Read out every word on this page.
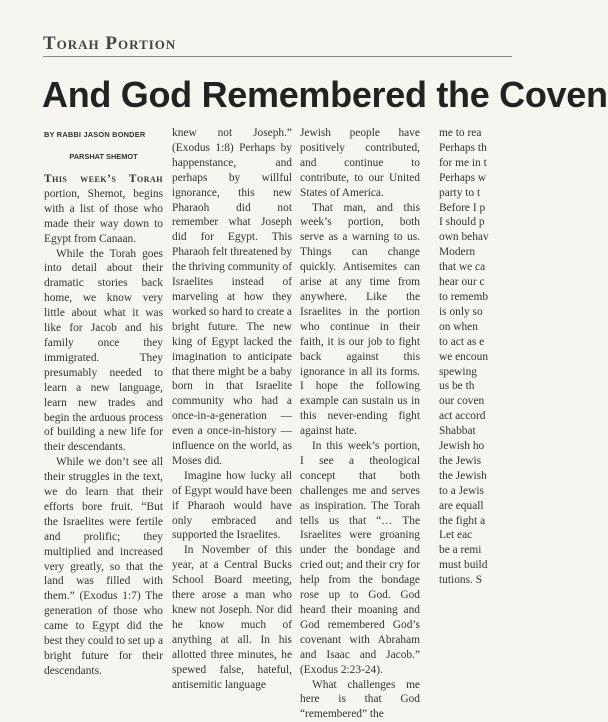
Torah Portion
And God Remembered the Coven
BY RABBI JASON BONDER
PARSHAT SHEMOT

This week’s Torah portion, Shemot, begins with a list of those who made their way down to Egypt from Canaan.

While the Torah goes into detail about their dramatic stories back home, we know very little about what it was like for Jacob and his family once they immigrated. They presumably needed to learn a new language, learn new trades and begin the arduous process of building a new life for their descendants.

While we don’t see all their struggles in the text, we do learn that their efforts bore fruit. “But the Israelites were fertile and prolific; they multiplied and increased very greatly, so that the land was filled with them.” (Exodus 1:7) The generation of those who came to Egypt did the best they could to set up a bright future for their descendants.

knew not Joseph.” (Exodus 1:8) Perhaps by happenstance, and perhaps by willful ignorance, this new Pharaoh did not remember what Joseph did for Egypt. This Pharaoh felt threatened by the thriving community of Israelites instead of marveling at how they worked so hard to create a bright future. The new king of Egypt lacked the imagination to anticipate that there might be a baby born in that Israelite community who had a once-in-a-generation — even a once-in-history — influence on the world, as Moses did.

Imagine how lucky all of Egypt would have been if Pharaoh would have only embraced and supported the Israelites.

In November of this year, at a Central Bucks School Board meeting, there arose a man who knew not Joseph. Nor did he know much of anything at all. In his allotted three minutes, he spewed false, hateful, antisemitic language

Jewish people have positively contributed, and continue to contribute, to our United States of America.

That man, and this week’s portion, both serve as a warning to us. Things can change quickly. Antisemites can arise at any time from anywhere. Like the Israelites in the portion who continue in their faith, it is our job to fight back against this ignorance in all its forms. I hope the following example can sustain us in this never-ending fight against hate.

In this week’s portion, I see a theological concept that both challenges me and serves as inspiration. The Torah tells us that “… The Israelites were groaning under the bondage and cried out; and their cry for help from the bondage rose up to God. God heard their moaning and God remembered God’s covenant with Abraham and Isaac and Jacob.” (Exodus 2:23-24).

What challenges me here is that God “remembered” the

me to rea
Perhaps th
for me in t
Perhaps w
party to t
Before I p
I should p
own behav
Modern
that we ca
hear our c
to rememb
is only so
on when
to act as e
we encoun
spewing
us be th
our coven
act accord
Shabbat
Jewish ho
the Jewis
the Jewish
to a Jewis
are equall
the fight a
Let eac
be a remi
must build
tutions. S
